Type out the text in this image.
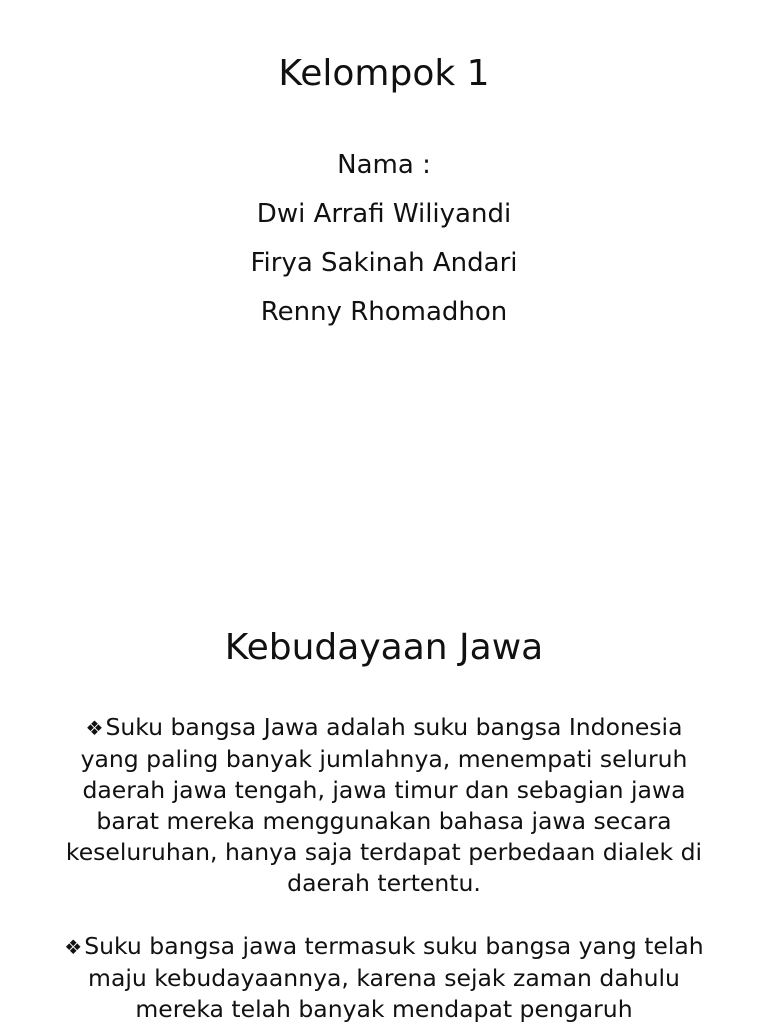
Kelompok 1
Nama :
Dwi Arrafi Wiliyandi
Firya Sakinah Andari
Renny Rhomadhon
Kebudayaan Jawa
❖Suku bangsa Jawa adalah suku bangsa Indonesia yang paling banyak jumlahnya, menempati seluruh daerah jawa tengah, jawa timur dan sebagian jawa barat mereka menggunakan bahasa jawa secara keseluruhan, hanya saja terdapat perbedaan dialek di daerah tertentu.
❖Suku bangsa jawa termasuk suku bangsa yang telah maju kebudayaannya, karena sejak zaman dahulu mereka telah banyak mendapat pengaruh
